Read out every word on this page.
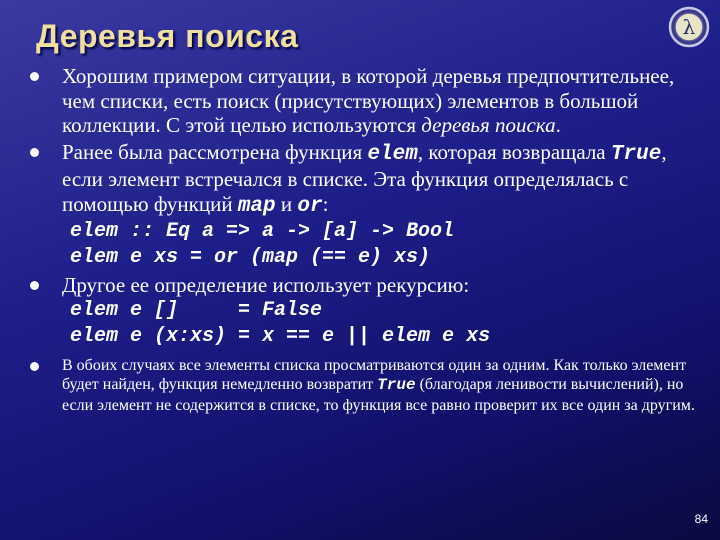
Деревья поиска	λ
Хорошим примером ситуации, в которой деревья предпочтительнее, чем списки, есть поиск (присутствующих) элементов в большой коллекции. С этой целью используются деревья поиска.
Ранее была рассмотрена функция elem, которая возвращала True, если элемент встречался в списке. Эта функция определялась с помощью функций map и or:
elem :: Eq a => a -> [a] -> Bool
elem e xs = or (map (== e) xs)
Другое ее определение использует рекурсию:
elem e []     = False
elem e (x:xs) = x == e || elem e xs
В обоих случаях все элементы списка просматриваются один за одним. Как только элемент будет найден, функция немедленно возвратит True (благодаря ленивости вычислений), но если элемент не содержится в списке, то функция все равно проверит их все один за другим.
84
